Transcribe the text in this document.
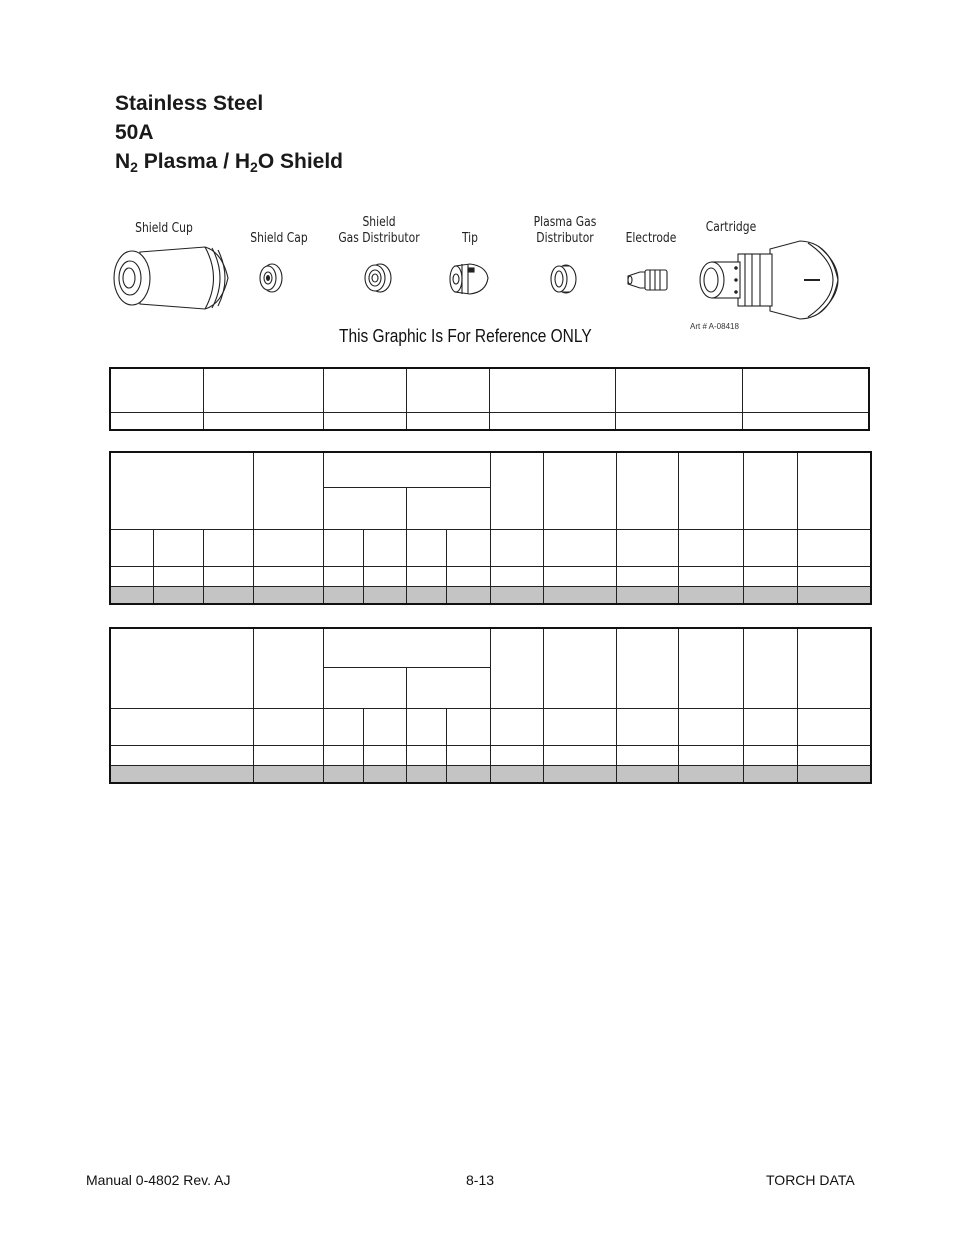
Stainless Steel
50A
$N_2$ Plasma / $H_2O$ Shield
Shield Cup
Shield Cap
Shield
Gas Distributor	Tip
Plasma Gas
Distributor	Electrode
Cartridge
Art # A-08418
This Graphic Is For Reference ONLY

Manual 0-4802 Rev. AJ	8-13	TORCH DATA
